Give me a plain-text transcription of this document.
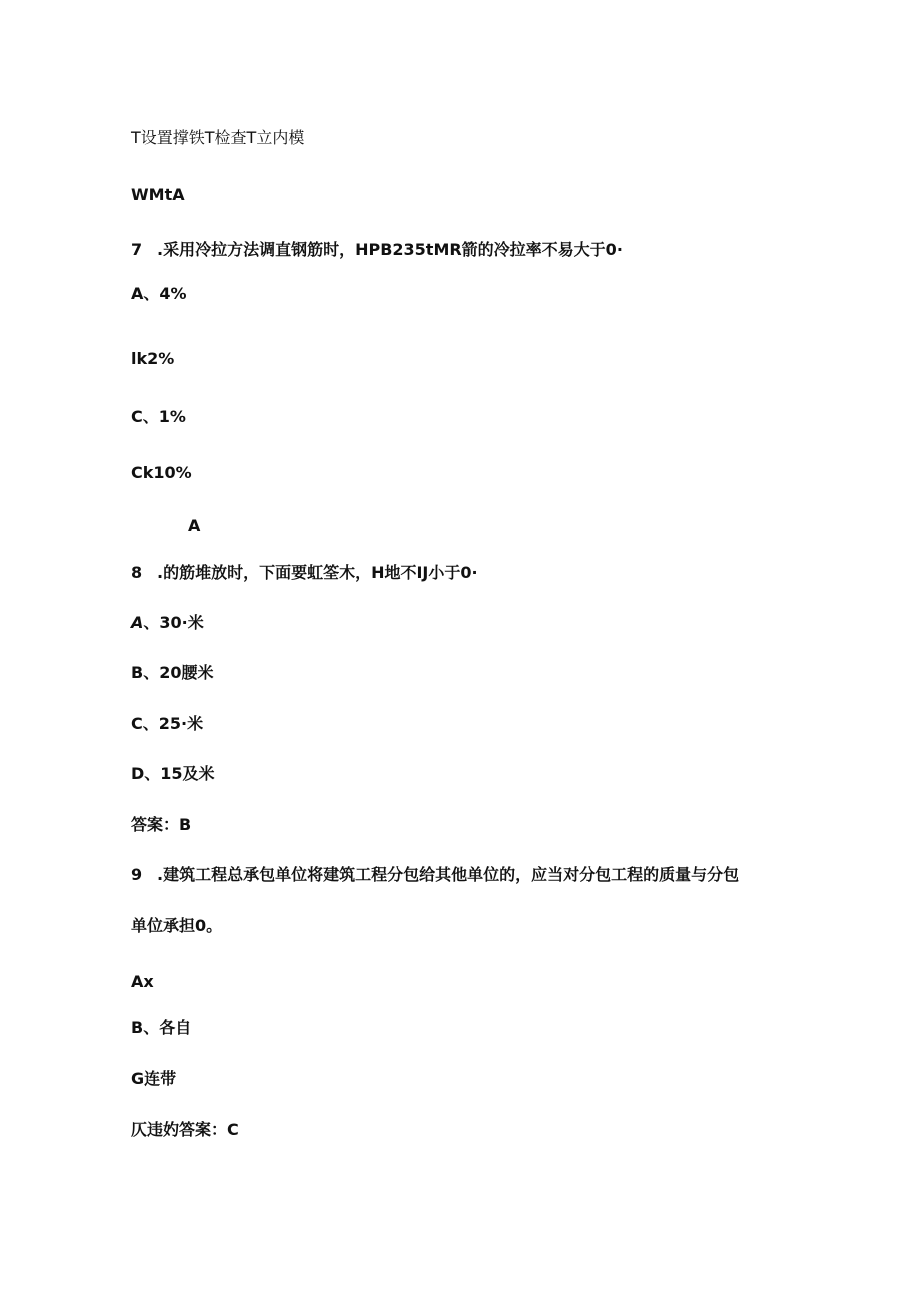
T设置撑铁T检查T立内模
WMtA
7 .采用冷拉方法调直钢筋时，HPB235tMR箭的冷拉率不易大于0·
A、4%
lk2%
C、1%
Ck10%
A
8 .的筋堆放时，下面要虹筌木，H地不IJ小于0·
A、30·米
B、20腰米
C、25·米
D、15及米
答案：B
9 .建筑工程总承包单位将建筑工程分包给其他单位的，应当对分包工程的质量与分包
单位承担0。
Ax
B、各自
G连带
仄违妁答案：C
